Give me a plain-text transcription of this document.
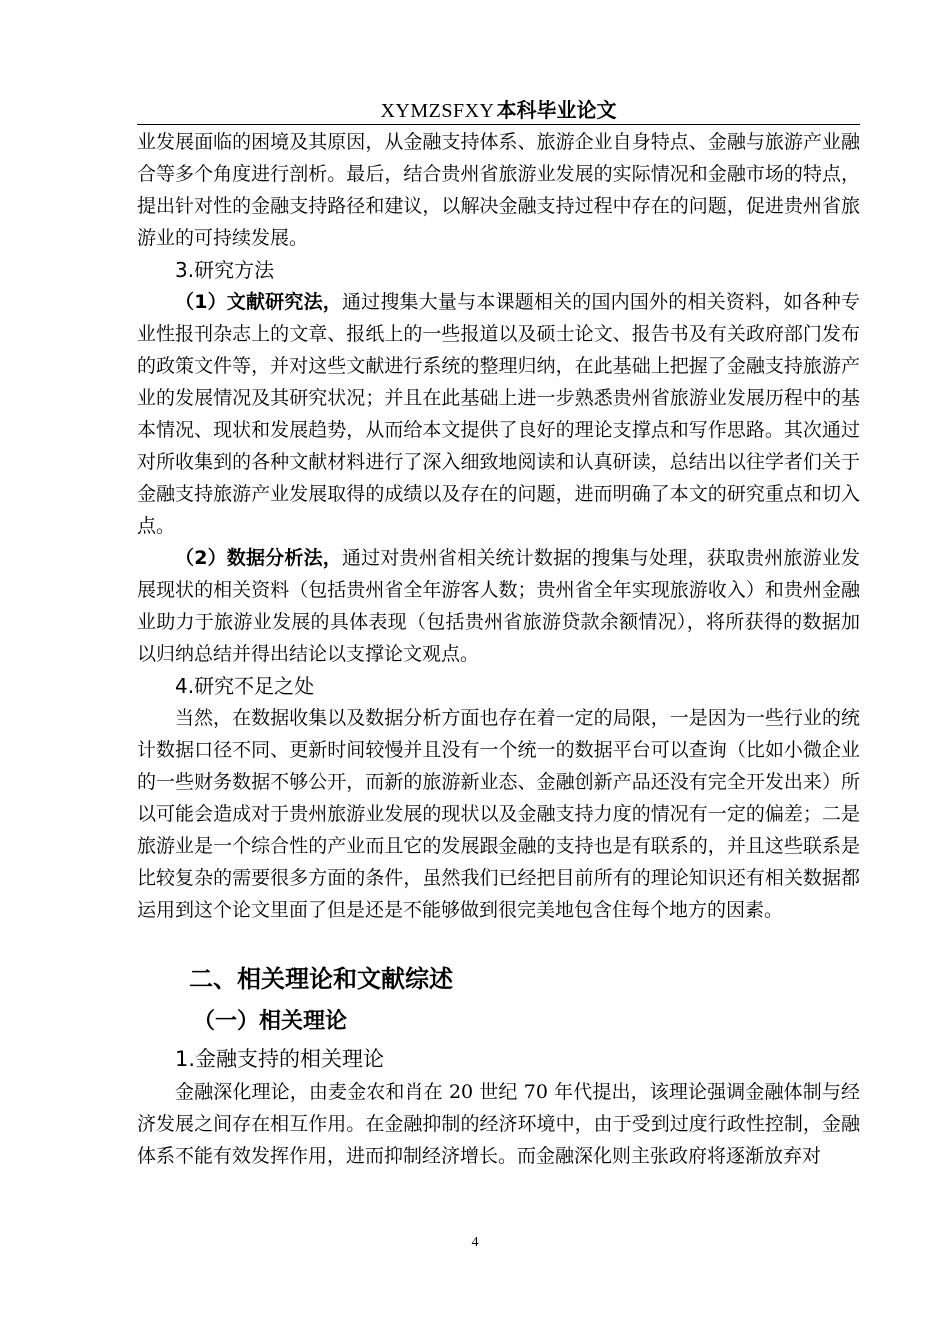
XYMZSFXY 本科毕业论文

业发展面临的困境及其原因，从金融支持体系、旅游企业自身特点、金融与旅游产业融合等多个角度进行剖析。最后，结合贵州省旅游业发展的实际情况和金融市场的特点，提出针对性的金融支持路径和建议，以解决金融支持过程中存在的问题，促进贵州省旅游业的可持续发展。

3.研究方法

（1）文献研究法，通过搜集大量与本课题相关的国内国外的相关资料，如各种专业性报刊杂志上的文章、报纸上的一些报道以及硕士论文、报告书及有关政府部门发布的政策文件等，并对这些文献进行系统的整理归纳，在此基础上把握了金融支持旅游产业的发展情况及其研究状况；并且在此基础上进一步熟悉贵州省旅游业发展历程中的基本情况、现状和发展趋势，从而给本文提供了良好的理论支撑点和写作思路。其次通过对所收集到的各种文献材料进行了深入细致地阅读和认真研读，总结出以往学者们关于金融支持旅游产业发展取得的成绩以及存在的问题，进而明确了本文的研究重点和切入点。

（2）数据分析法，通过对贵州省相关统计数据的搜集与处理，获取贵州旅游业发展现状的相关资料（包括贵州省全年游客人数；贵州省全年实现旅游收入）和贵州金融业助力于旅游业发展的具体表现（包括贵州省旅游贷款余额情况），将所获得的数据加以归纳总结并得出结论以支撑论文观点。

4.研究不足之处

当然，在数据收集以及数据分析方面也存在着一定的局限，一是因为一些行业的统计数据口径不同、更新时间较慢并且没有一个统一的数据平台可以查询（比如小微企业的一些财务数据不够公开，而新的旅游新业态、金融创新产品还没有完全开发出来）所以可能会造成对于贵州旅游业发展的现状以及金融支持力度的情况有一定的偏差；二是旅游业是一个综合性的产业而且它的发展跟金融的支持也是有联系的，并且这些联系是比较复杂的需要很多方面的条件，虽然我们已经把目前所有的理论知识还有相关数据都运用到这个论文里面了但是还是不能够做到很完美地包含住每个地方的因素。

二、相关理论和文献综述

（一）相关理论

1.金融支持的相关理论

金融深化理论，由麦金农和肖在 20 世纪 70 年代提出，该理论强调金融体制与经济发展之间存在相互作用。在金融抑制的经济环境中，由于受到过度行政性控制，金融体系不能有效发挥作用，进而抑制经济增长。而金融深化则主张政府将逐渐放弃对

4
